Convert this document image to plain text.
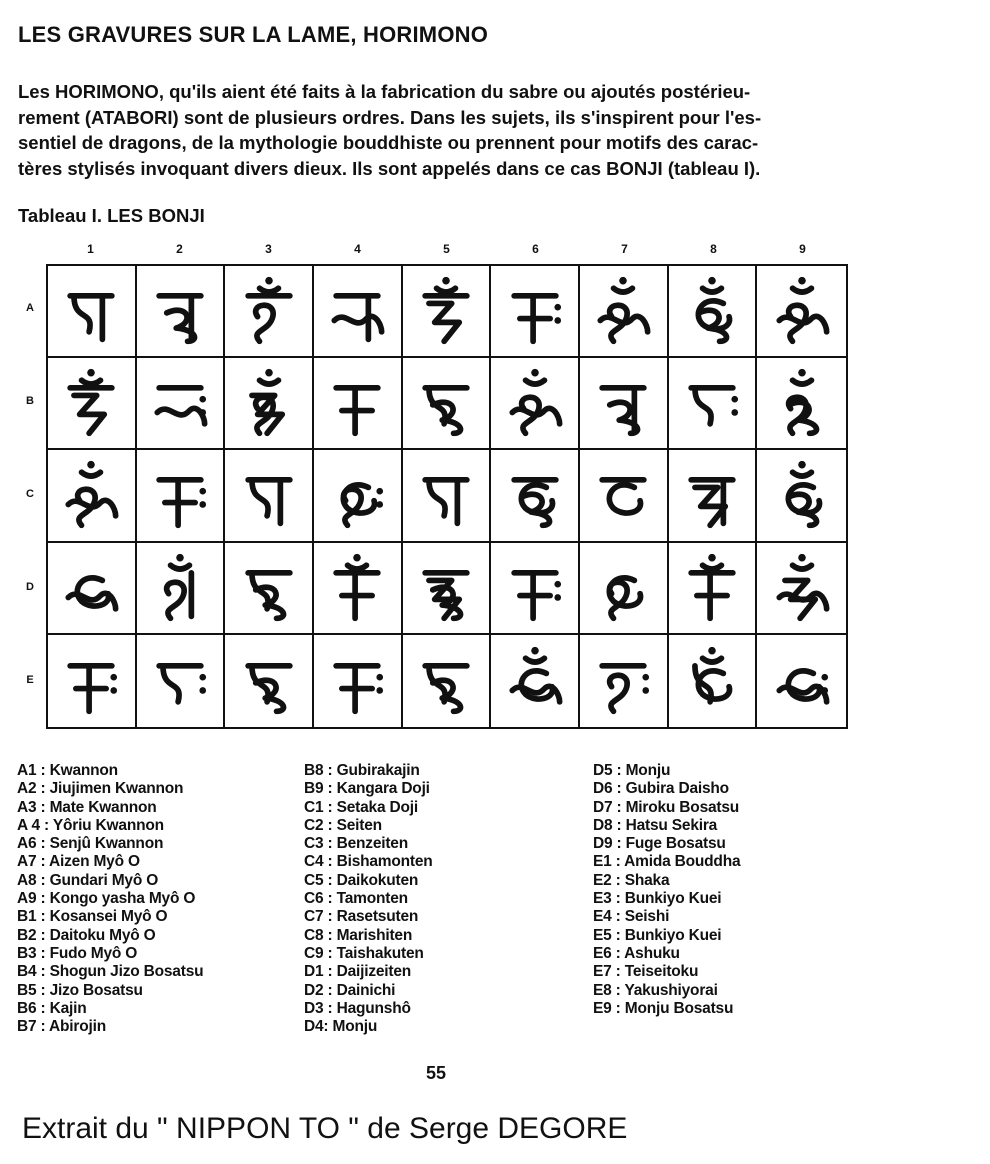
LES GRAVURES SUR LA LAME, HORIMONO
Les HORIMONO, qu'ils aient été faits à la fabrication du sabre ou ajoutés postérieu-
rement (ATABORI) sont de plusieurs ordres. Dans les sujets, ils s'inspirent pour l'es-
sentiel de dragons, de la mythologie bouddhiste ou prennent pour motifs des carac-
tères stylisés invoquant divers dieux. Ils sont appelés dans ce cas BONJI (tableau I).
Tableau I. LES BONJI
1	2	3	4	5	6	7	8	9
A
B
C
D
E
A1 : Kwannon
A2 : Jiujimen Kwannon
A3 : Mate Kwannon
A 4 : Yôriu Kwannon
A6 : Senjû Kwannon
A7 : Aizen Myô O
A8 : Gundari Myô O
A9 : Kongo yasha Myô O
B1 : Kosansei Myô O
B2 : Daitoku Myô O
B3 : Fudo Myô O
B4 : Shogun Jizo Bosatsu
B5 : Jizo Bosatsu
B6 : Kajin
B7 : Abirojin
B8 : Gubirakajin
B9 : Kangara Doji
C1 : Setaka Doji
C2 : Seiten
C3 : Benzeiten
C4 : Bishamonten
C5 : Daikokuten
C6 : Tamonten
C7 : Rasetsuten
C8 : Marishiten
C9 : Taishakuten
D1 : Daijizeiten
D2 : Dainichi
D3 : Hagunshô
D4: Monju
D5 : Monju
D6 : Gubira Daisho
D7 : Miroku Bosatsu
D8 : Hatsu Sekira
D9 : Fuge Bosatsu
E1 : Amida Bouddha
E2 : Shaka
E3 : Bunkiyo Kuei
E4 : Seishi
E5 : Bunkiyo Kuei
E6 : Ashuku
E7 : Teiseitoku
E8 : Yakushiyorai
E9 : Monju Bosatsu
55
Extrait du " NIPPON TO " de Serge DEGORE
